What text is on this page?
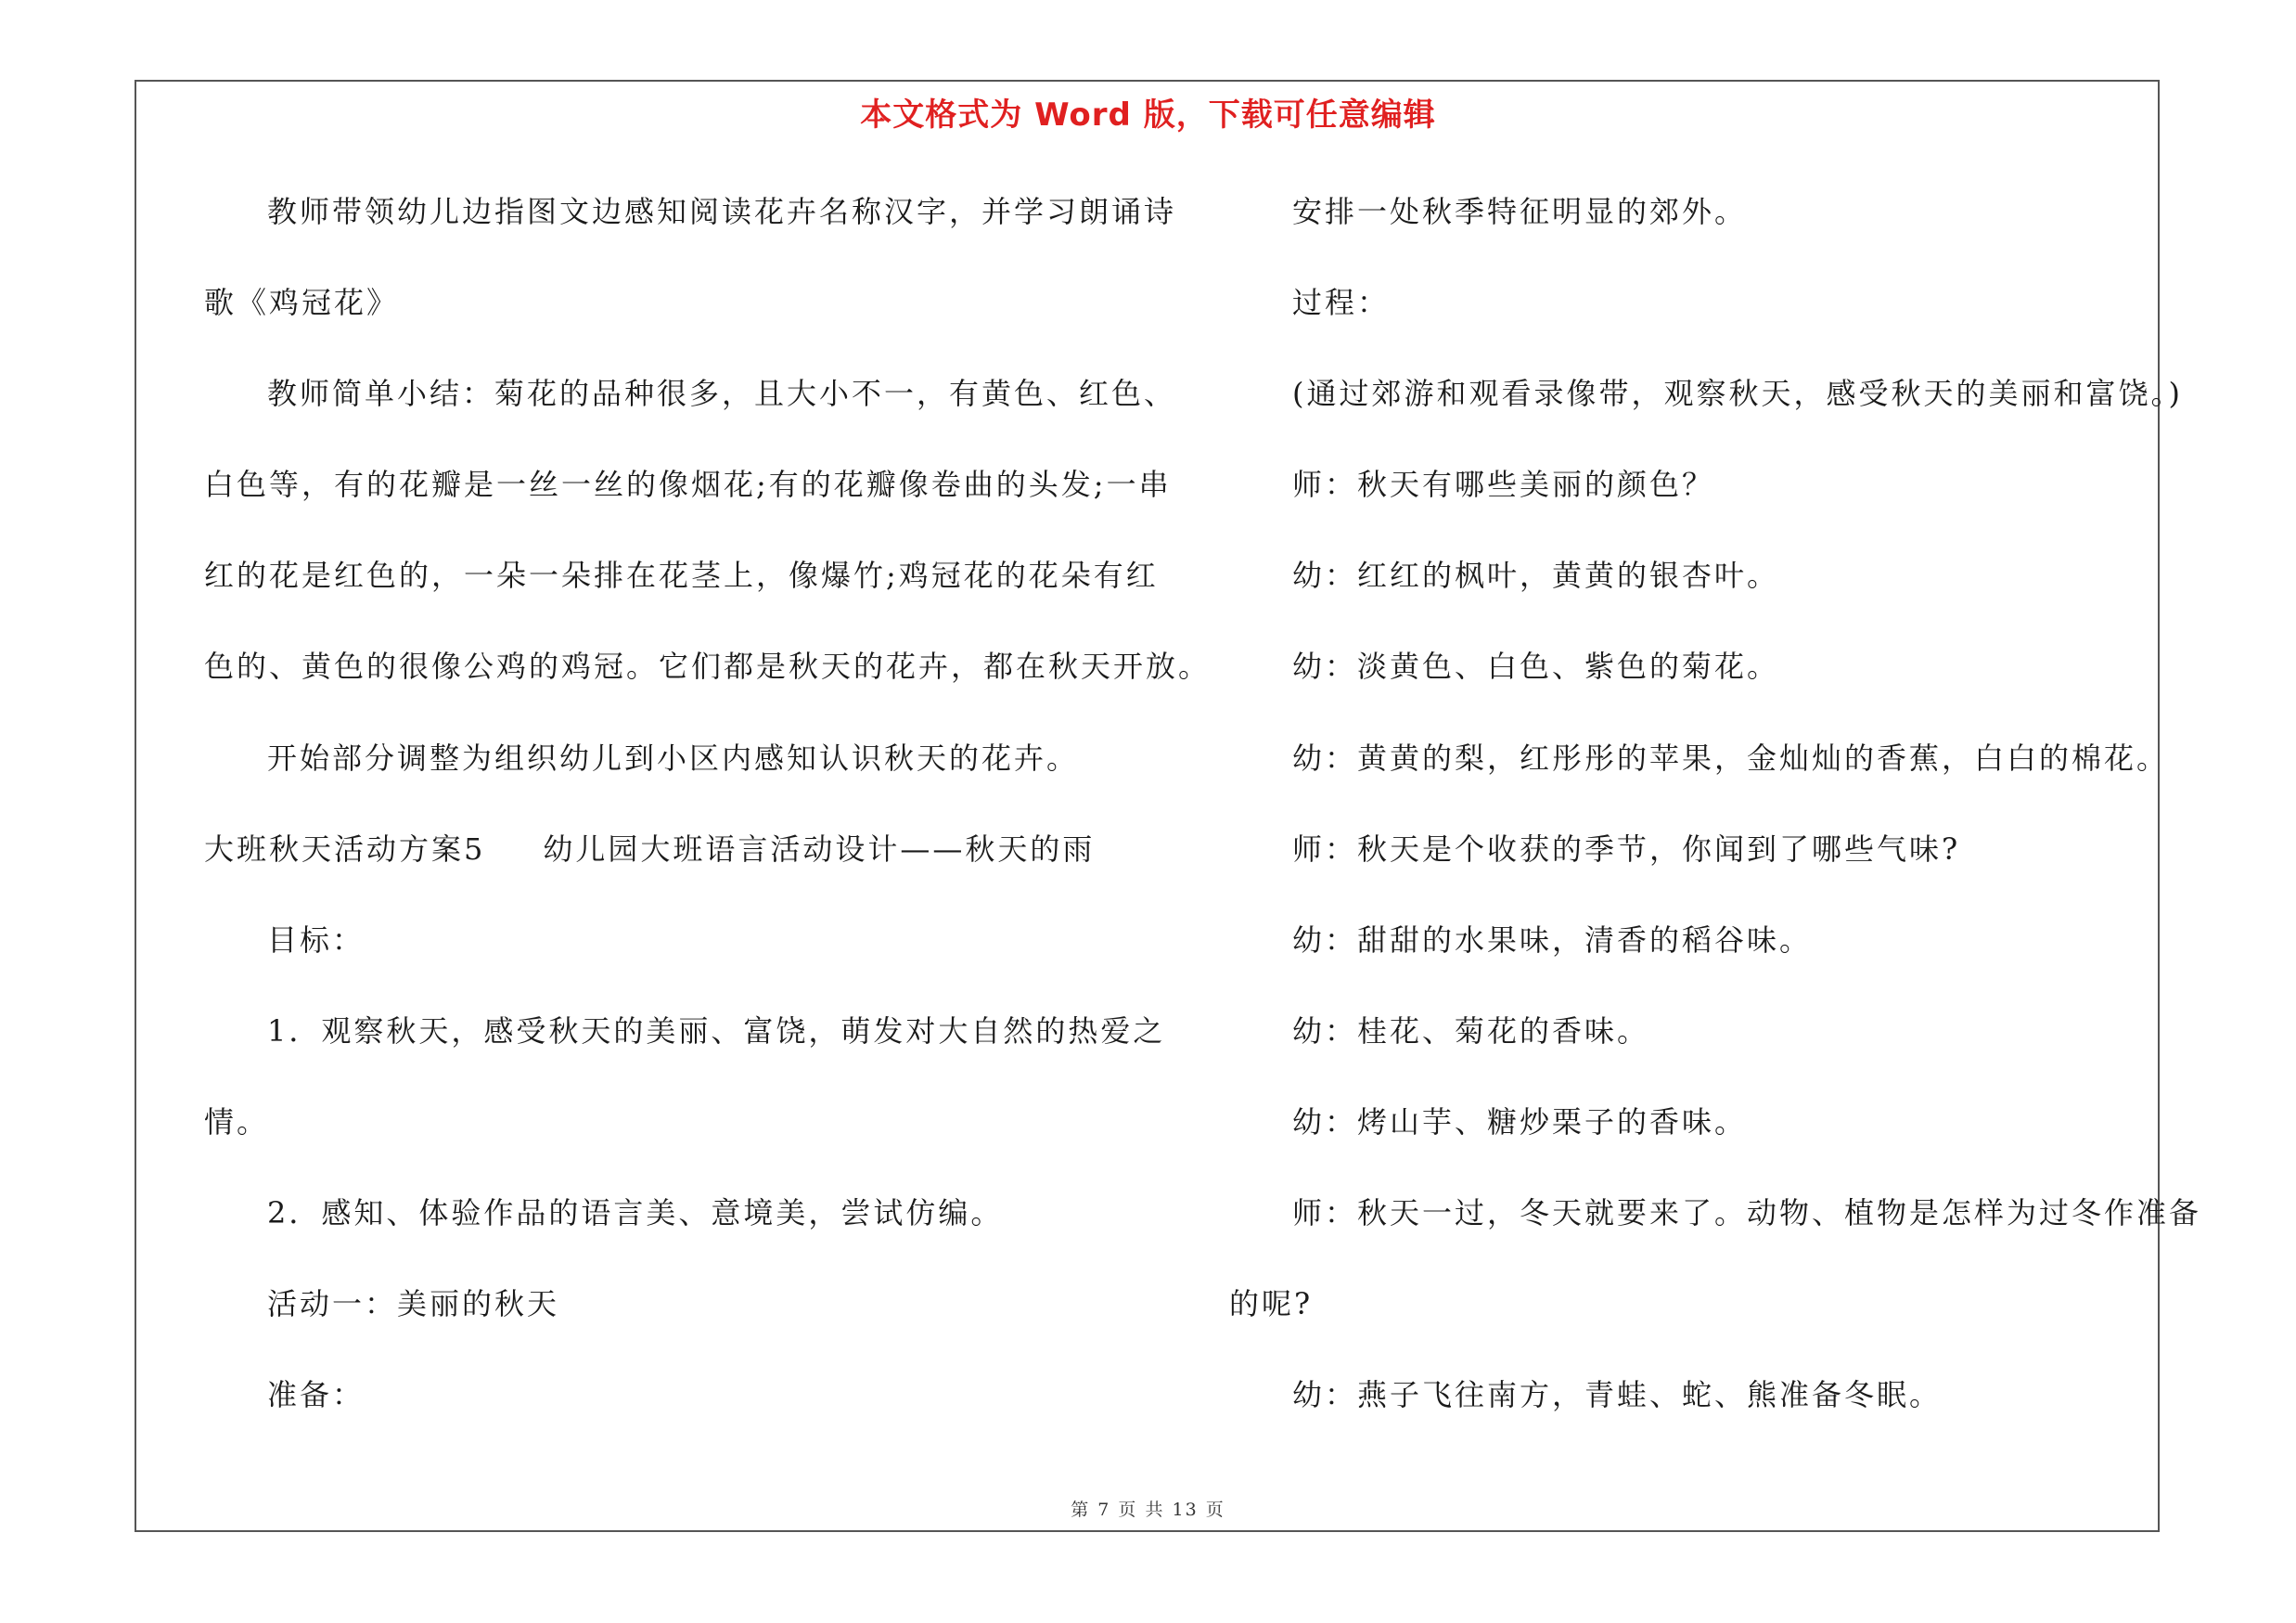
本文格式为 Word 版，下载可任意编辑
教师带领幼儿边指图文边感知阅读花卉名称汉字，并学习朗诵诗
歌《鸡冠花》
教师简单小结：菊花的品种很多，且大小不一，有黄色、红色、
白色等，有的花瓣是一丝一丝的像烟花;有的花瓣像卷曲的头发;一串
红的花是红色的，一朵一朵排在花茎上，像爆竹;鸡冠花的花朵有红
色的、黄色的很像公鸡的鸡冠。它们都是秋天的花卉，都在秋天开放。
开始部分调整为组织幼儿到小区内感知认识秋天的花卉。
大班秋天活动方案5 幼儿园大班语言活动设计——秋天的雨
目标：
1．观察秋天，感受秋天的美丽、富饶，萌发对大自然的热爱之
情。
2．感知、体验作品的语言美、意境美，尝试仿编。
活动一：美丽的秋天
准备：
安排一处秋季特征明显的郊外。
过程：
(通过郊游和观看录像带，观察秋天，感受秋天的美丽和富饶。)
师：秋天有哪些美丽的颜色？
幼：红红的枫叶，黄黄的银杏叶。
幼：淡黄色、白色、紫色的菊花。
幼：黄黄的梨，红彤彤的苹果，金灿灿的香蕉，白白的棉花。
师：秋天是个收获的季节，你闻到了哪些气味?
幼：甜甜的水果味，清香的稻谷味。
幼：桂花、菊花的香味。
幼：烤山芋、糖炒栗子的香味。
师：秋天一过，冬天就要来了。动物、植物是怎样为过冬作准备
的呢?
幼：燕子飞往南方，青蛙、蛇、熊准备冬眠。
第 7 页 共 13 页
